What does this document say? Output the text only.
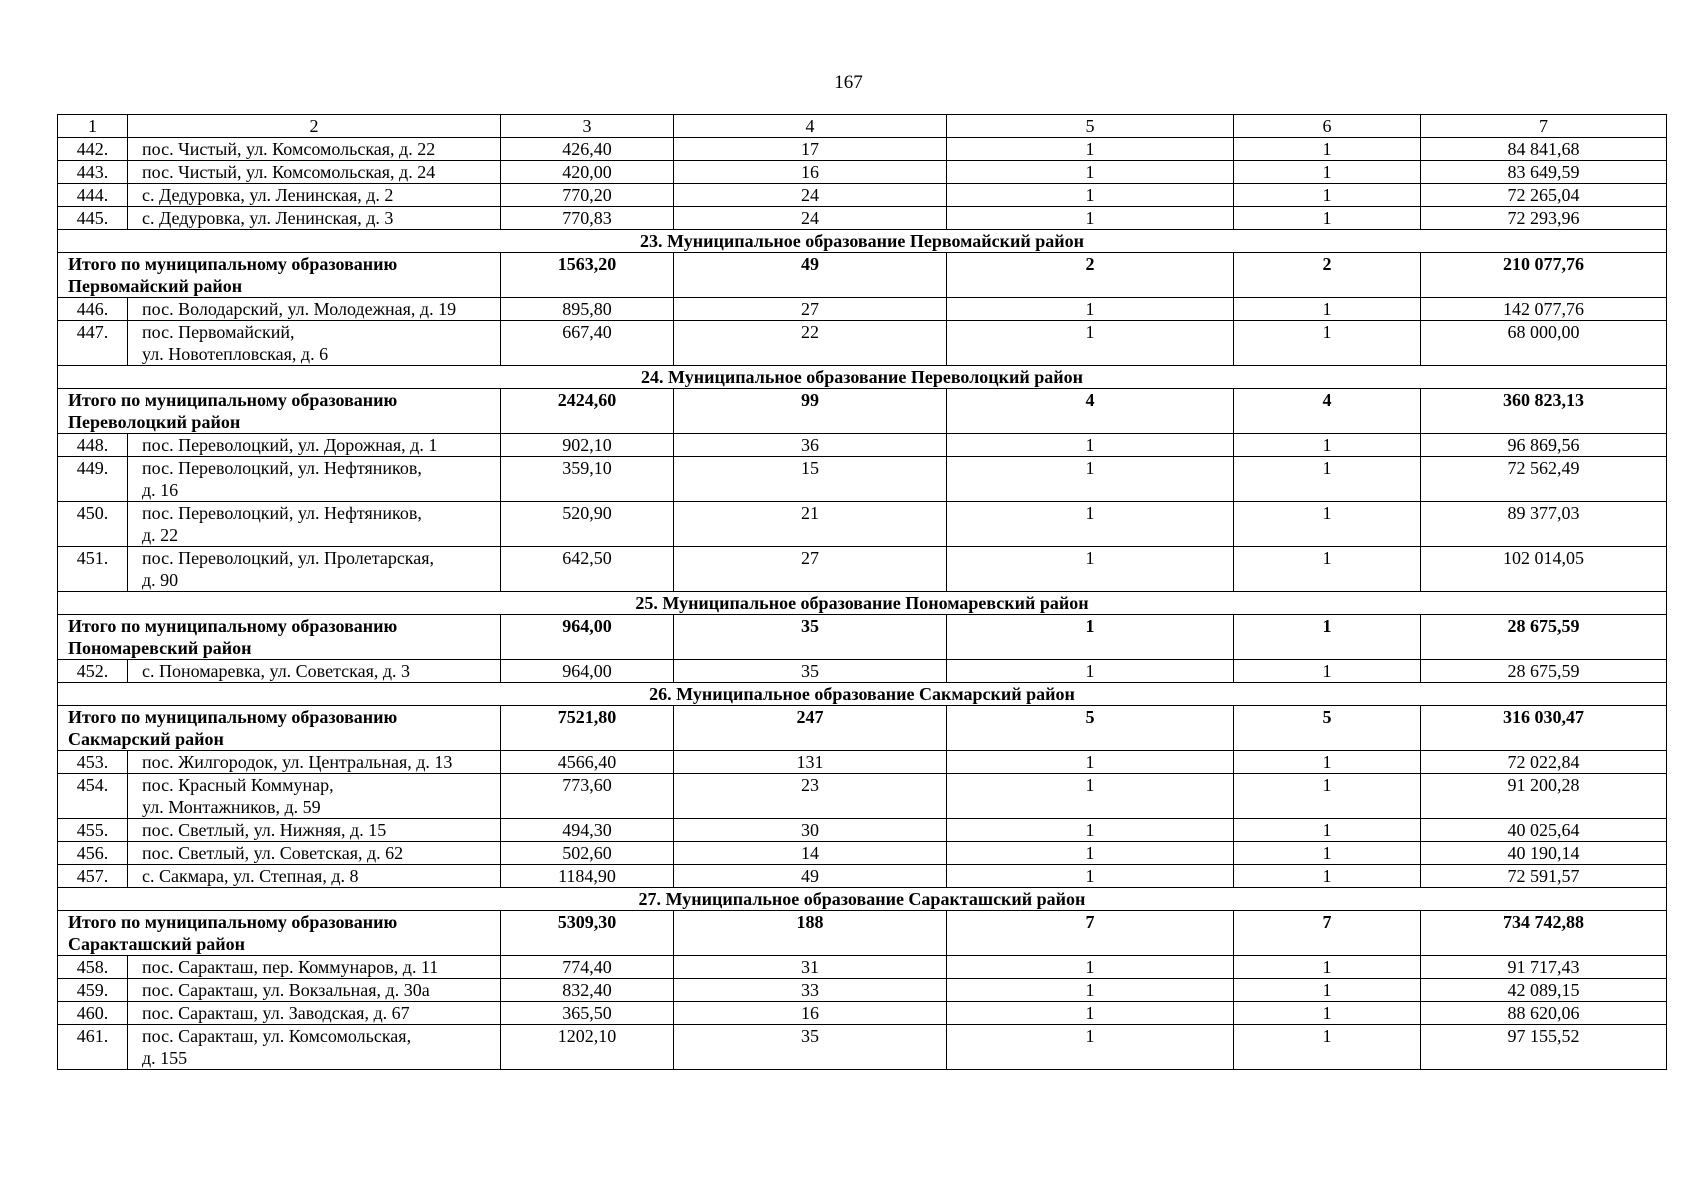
167
1	2	3	4	5	6	7
442.	пос. Чистый, ул. Комсомольская, д. 22	426,40	17	1	1	84 841,68
443.	пос. Чистый, ул. Комсомольская, д. 24	420,00	16	1	1	83 649,59
444.	с. Дедуровка, ул. Ленинская, д. 2	770,20	24	1	1	72 265,04
445.	с. Дедуровка, ул. Ленинская, д. 3	770,83	24	1	1	72 293,96
23. Муниципальное образование Первомайский район						

Итого по муниципальному образованию
Первомайский район		1563,20	49	2	2	210 077,76
446.	пос. Володарский, ул. Молодежная, д. 19	895,80	27	1	1	142 077,76
447.	пос. Первомайский,
ул. Новотепловская, д. 6	667,40	22	1	1	68 000,00
24. Муниципальное образование Переволоцкий район						

Итого по муниципальному образованию
Переволоцкий район		2424,60	99	4	4	360 823,13
448.	пос. Переволоцкий, ул. Дорожная, д. 1	902,10	36	1	1	96 869,56
449.	пос. Переволоцкий, ул. Нефтяников,
д. 16	359,10	15	1	1	72 562,49
450.	пос. Переволоцкий, ул. Нефтяников,
д. 22	520,90	21	1	1	89 377,03
451.	пос. Переволоцкий, ул. Пролетарская,
д. 90	642,50	27	1	1	102 014,05
25. Муниципальное образование Пономаревский район						

Итого по муниципальному образованию
Пономаревский район		964,00	35	1	1	28 675,59
452.	с. Пономаревка, ул. Советская, д. 3	964,00	35	1	1	28 675,59
26. Муниципальное образование Сакмарский район						

Итого по муниципальному образованию
Сакмарский район		7521,80	247	5	5	316 030,47
453.	пос. Жилгородок, ул. Центральная, д. 13	4566,40	131	1	1	72 022,84
454.	пос. Красный Коммунар,
ул. Монтажников, д. 59	773,60	23	1	1	91 200,28
455.	пос. Светлый, ул. Нижняя, д. 15	494,30	30	1	1	40 025,64
456.	пос. Светлый, ул. Советская, д. 62	502,60	14	1	1	40 190,14
457.	с. Сакмара, ул. Степная, д. 8	1184,90	49	1	1	72 591,57
27. Муниципальное образование Саракташский район						

Итого по муниципальному образованию
Саракташский район		5309,30	188	7	7	734 742,88
458.	пос. Саракташ, пер. Коммунаров, д. 11	774,40	31	1	1	91 717,43
459.	пос. Саракташ, ул. Вокзальная, д. 30а	832,40	33	1	1	42 089,15
460.	пос. Саракташ, ул. Заводская, д. 67	365,50	16	1	1	88 620,06
461.	пос. Саракташ, ул. Комсомольская,
д. 155	1202,10	35	1	1	97 155,52
